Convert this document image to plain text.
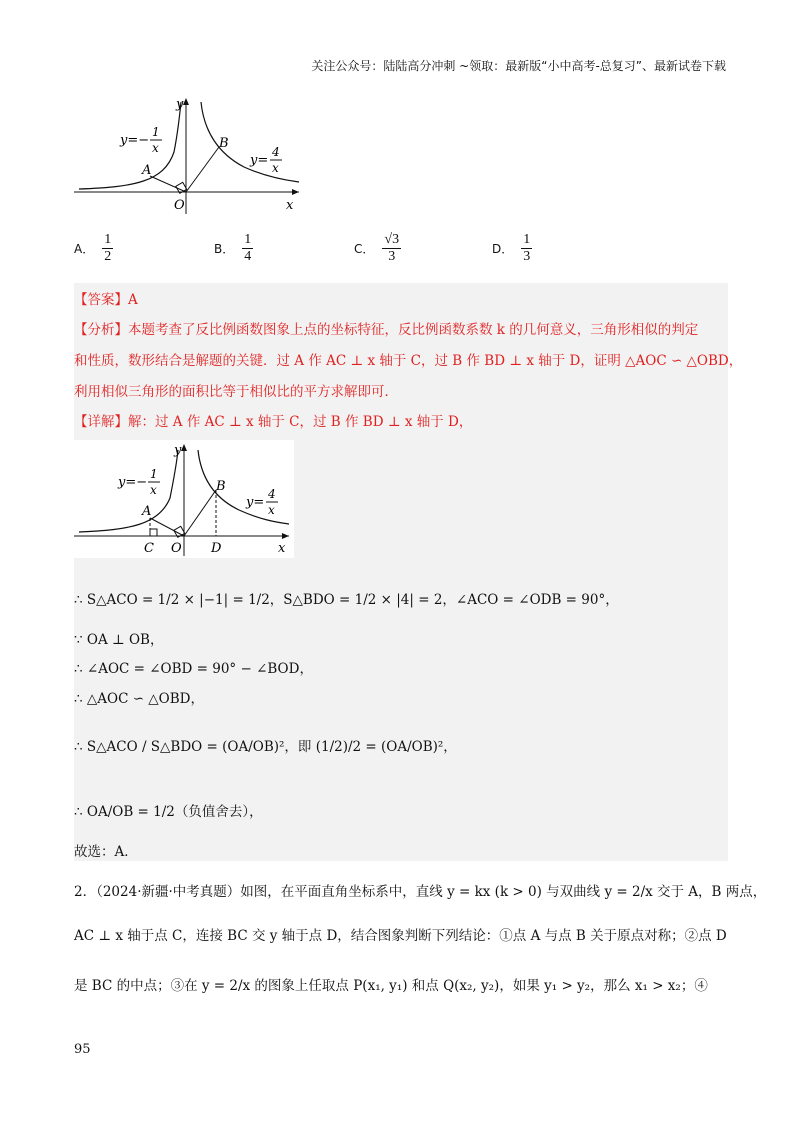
关注公众号：陆陆高分冲刺 ~领取：最新版“小中高考-总复习”、最新试卷下载
y
x
O
A
B
y=−
1
x
y=
4
x
A． $\frac{1}{2}$	B． $\frac{1}{4}$	C． $\frac{√3}{3}$	D． $\frac{1}{3}$
【答案】A
【分析】本题考查了反比例函数图象上点的坐标特征，反比例函数系数 k 的几何意义，三角形相似的判定
和性质，数形结合是解题的关键．过 A 作 AC ⊥ x 轴于 C，过 B 作 BD ⊥ x 轴于 D，证明 △AOC ∽ △OBD，
利用相似三角形的面积比等于相似比的平方求解即可．
【详解】解：过 A 作 AC ⊥ x 轴于 C，过 B 作 BD ⊥ x 轴于 D，
y
x
O
A
B
C	D
y=−
1
x
y=
4
x
∴ S△ACO = 1/2 × |−1| = 1/2，S△BDO = 1/2 × |4| = 2，∠ACO = ∠ODB = 90°，
∵ OA ⊥ OB，
∴ ∠AOC = ∠OBD = 90° − ∠BOD，
∴ △AOC ∽ △OBD，
∴ S△ACO / S△BDO = (OA/OB)²，即 (1/2)/2 = (OA/OB)²，
∴ OA/OB = 1/2（负值舍去），
故选：A．
2．（2024·新疆·中考真题）如图，在平面直角坐标系中，直线 y = kx (k > 0) 与双曲线 y = 2/x 交于 A，B 两点，
AC ⊥ x 轴于点 C，连接 BC 交 y 轴于点 D，结合图象判断下列结论：①点 A 与点 B 关于原点对称；②点 D
是 BC 的中点；③在 y = 2/x 的图象上任取点 P(x₁, y₁) 和点 Q(x₂, y₂)，如果 y₁ > y₂，那么 x₁ > x₂；④
95
